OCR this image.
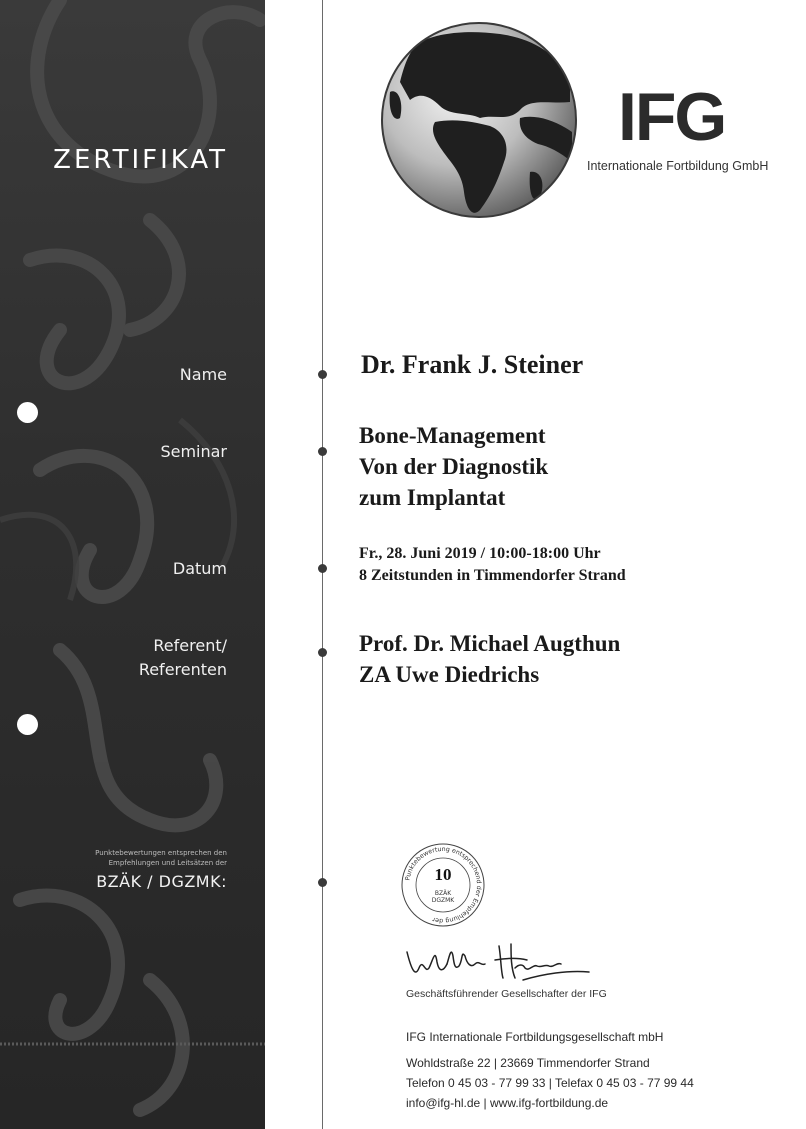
ZERTIFIKAT
Name
Seminar
Datum
Referent/
Referenten
Punktebewertungen entsprechen den
Empfehlungen und Leitsätzen der
BZÄK / DGZMK:
IFG
Internationale Fortbildung GmbH
Dr. Frank J. Steiner
Bone-Management
Von der Diagnostik
zum Implantat
Fr., 28. Juni 2019 / 10:00-18:00 Uhr
8 Zeitstunden in Timmendorfer Strand
Prof. Dr. Michael Augthun
ZA Uwe Diedrichs
Punktebewertung entsprechend der Empfehlung der
10
BZÄK
DGZMK
Geschäftsführender Gesellschafter der IFG
IFG Internationale Fortbildungsgesellschaft mbH
Wohldstraße 22 | 23669 Timmendorfer Strand
Telefon 0 45 03 - 77 99 33 | Telefax 0 45 03 - 77 99 44
info@ifg-hl.de | www.ifg-fortbildung.de
